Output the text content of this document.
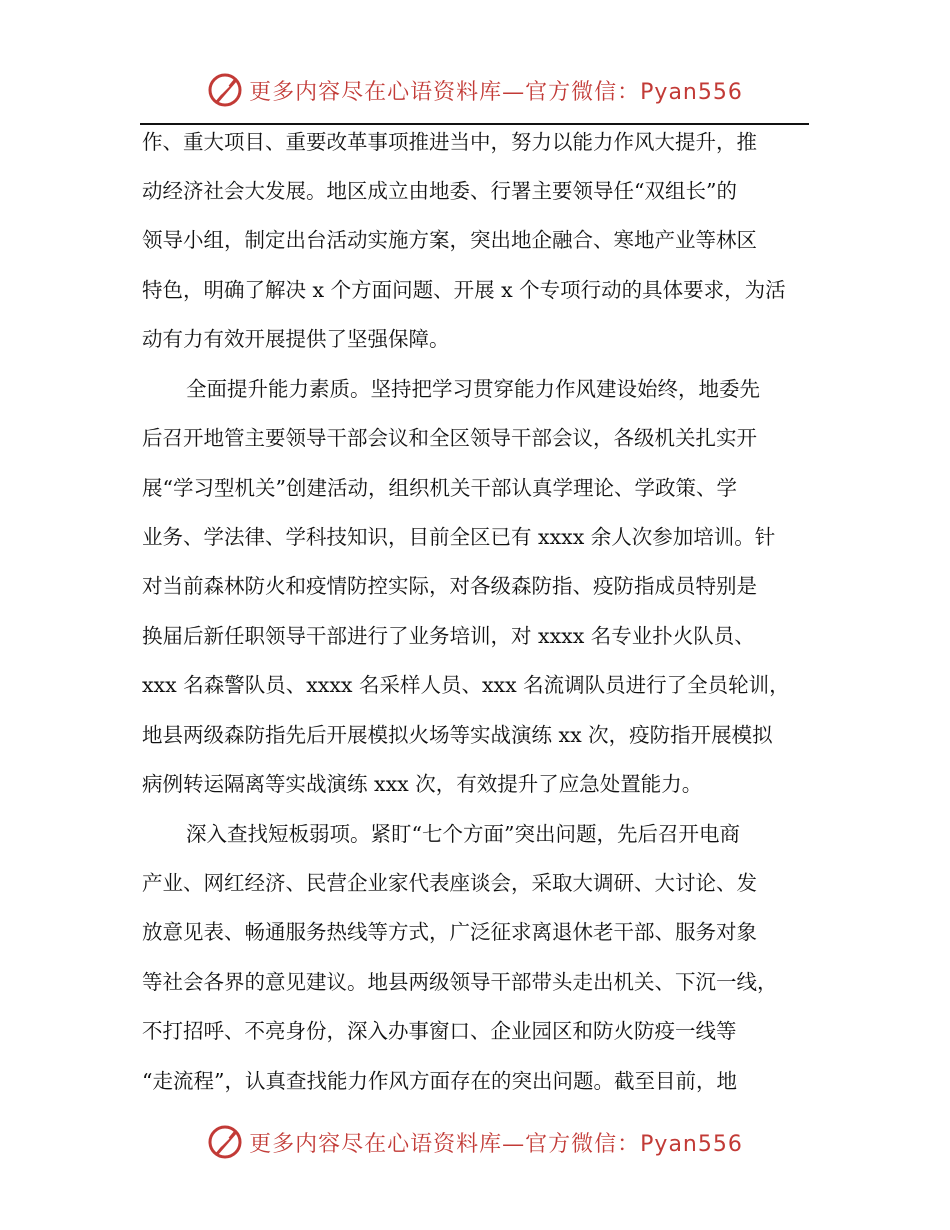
更多内容尽在心语资料库—官方微信：Pyan556
作、重大项目、重要改革事项推进当中，努力以能力作风大提升，推
动经济社会大发展。地区成立由地委、行署主要领导任“双组长”的
领导小组，制定出台活动实施方案，突出地企融合、寒地产业等林区
特色，明确了解决 x 个方面问题、开展 x 个专项行动的具体要求，为活
动有力有效开展提供了坚强保障。
全面提升能力素质。坚持把学习贯穿能力作风建设始终，地委先
后召开地管主要领导干部会议和全区领导干部会议，各级机关扎实开
展“学习型机关”创建活动，组织机关干部认真学理论、学政策、学
业务、学法律、学科技知识，目前全区已有 xxxx 余人次参加培训。针
对当前森林防火和疫情防控实际，对各级森防指、疫防指成员特别是
换届后新任职领导干部进行了业务培训，对 xxxx 名专业扑火队员、
xxx 名森警队员、xxxx 名采样人员、xxx 名流调队员进行了全员轮训，
地县两级森防指先后开展模拟火场等实战演练 xx 次，疫防指开展模拟
病例转运隔离等实战演练 xxx 次，有效提升了应急处置能力。
深入查找短板弱项。紧盯“七个方面”突出问题，先后召开电商
产业、网红经济、民营企业家代表座谈会，采取大调研、大讨论、发
放意见表、畅通服务热线等方式，广泛征求离退休老干部、服务对象
等社会各界的意见建议。地县两级领导干部带头走出机关、下沉一线，
不打招呼、不亮身份，深入办事窗口、企业园区和防火防疫一线等
“走流程”，认真查找能力作风方面存在的突出问题。截至目前，地
更多内容尽在心语资料库—官方微信：Pyan556
